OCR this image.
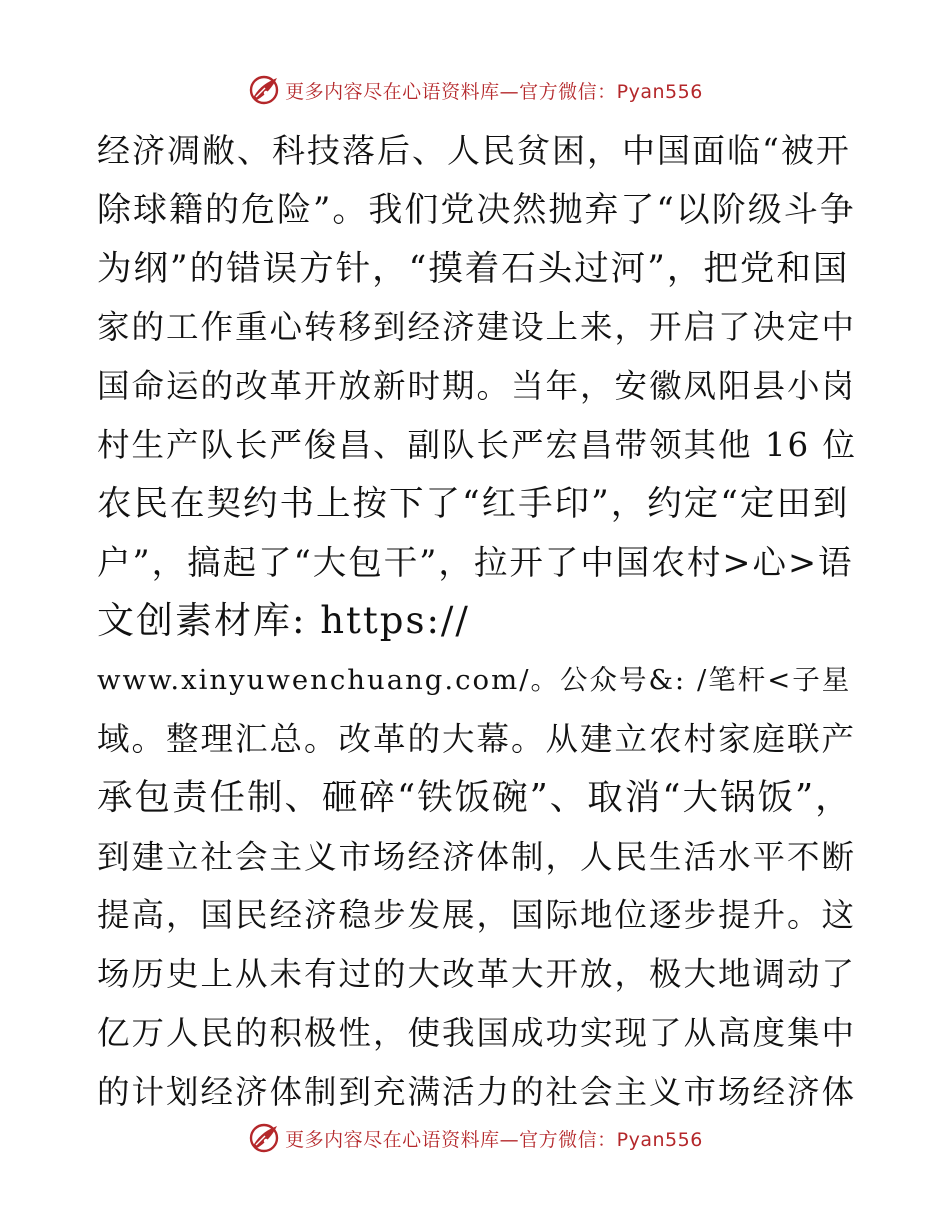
更多内容尽在心语资料库—官方微信：Pyan556
经济凋敝、科技落后、人民贫困，中国面临“被开
除球籍的危险”。我们党决然抛弃了“以阶级斗争
为纲”的错误方针，“摸着石头过河”，把党和国
家的工作重心转移到经济建设上来，开启了决定中
国命运的改革开放新时期。当年，安徽凤阳县小岗
村生产队长严俊昌、副队长严宏昌带领其他 16 位
农民在契约书上按下了“红手印”，约定“定田到
户”，搞起了“大包干”，拉开了中国农村>心>语
文创素材库: https://
www.xinyuwenchuang.com/。公众号&: /笔杆<子星
域。整理汇总。改革的大幕。从建立农村家庭联产
承包责任制、砸碎“铁饭碗”、取消“大锅饭”，
到建立社会主义市场经济体制，人民生活水平不断
提高，国民经济稳步发展，国际地位逐步提升。这
场历史上从未有过的大改革大开放，极大地调动了
亿万人民的积极性，使我国成功实现了从高度集中
的计划经济体制到充满活力的社会主义市场经济体
更多内容尽在心语资料库—官方微信：Pyan556
